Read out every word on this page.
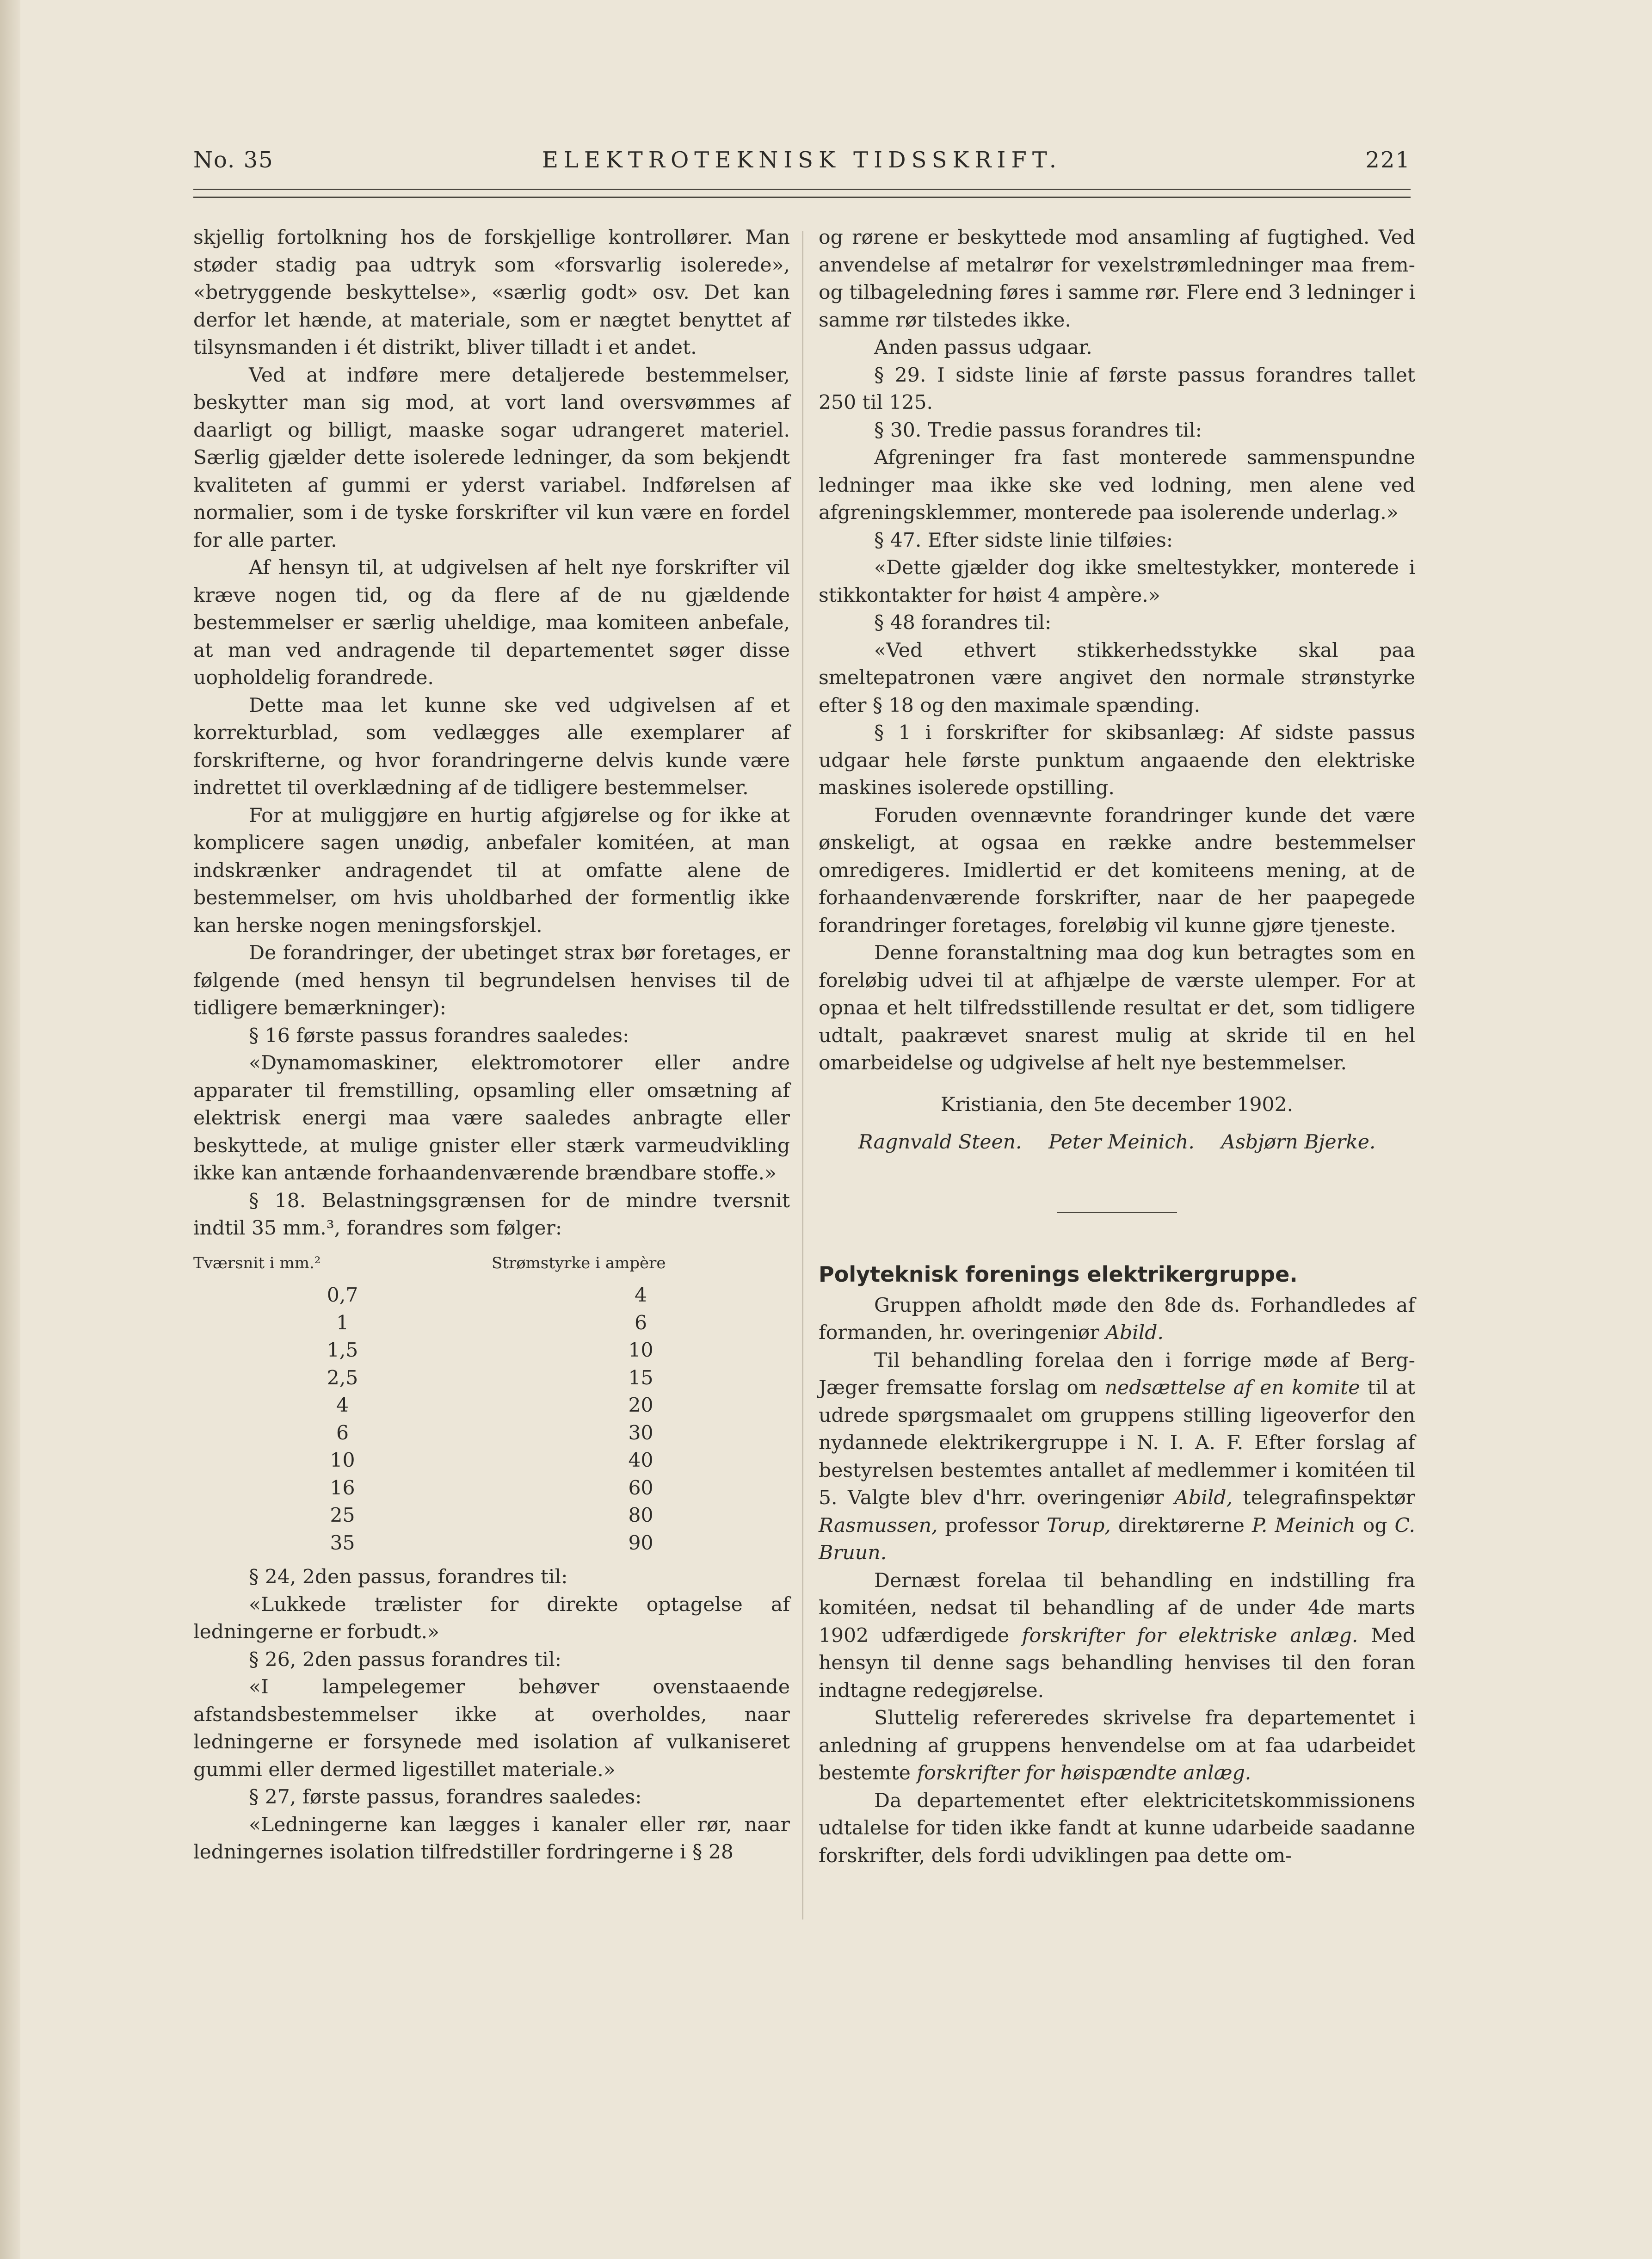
No. 35	ELEKTROTEKNISK TIDSSKRIFT.	221

skjellig fortolkning hos de forskjellige kontrollører. Man støder stadig paa udtryk som «forsvarlig isolerede», «betryggende beskyttelse», «særlig godt» osv. Det kan derfor let hænde, at materiale, som er nægtet benyttet af tilsynsmanden i ét distrikt, bliver tilladt i et andet.

Ved at indføre mere detaljerede bestemmelser, beskytter man sig mod, at vort land oversvømmes af daarligt og billigt, maaske sogar udrangeret materiel. Særlig gjælder dette isolerede ledninger, da som bekjendt kvaliteten af gummi er yderst variabel. Indførelsen af normalier, som i de tyske forskrifter vil kun være en fordel for alle parter.

Af hensyn til, at udgivelsen af helt nye forskrifter vil kræve nogen tid, og da flere af de nu gjældende bestemmelser er særlig uheldige, maa komiteen anbefale, at man ved andragende til departementet søger disse uopholdelig forandrede.

Dette maa let kunne ske ved udgivelsen af et korrekturblad, som vedlægges alle exemplarer af forskrifterne, og hvor forandringerne delvis kunde være indrettet til overklædning af de tidligere bestemmelser.

For at muliggjøre en hurtig afgjørelse og for ikke at komplicere sagen unødig, anbefaler komitéen, at man indskrænker andragendet til at omfatte alene de bestemmelser, om hvis uholdbarhed der formentlig ikke kan herske nogen meningsforskjel.

De forandringer, der ubetinget strax bør foretages, er følgende (med hensyn til begrundelsen henvises til de tidligere bemærkninger):

§ 16 første passus forandres saaledes:

«Dynamomaskiner, elektromotorer eller andre apparater til fremstilling, opsamling eller omsætning af elektrisk energi maa være saaledes anbragte eller beskyttede, at mulige gnister eller stærk varmeudvikling ikke kan antænde forhaandenværende brændbare stoffe.»

§ 18. Belastningsgrænsen for de mindre tversnit indtil 35 mm.³, forandres som følger:

Tværsnit i mm.²	Strømstyrke i ampère
0,7	4
1	6
1,5	10
2,5	15
4	20
6	30
10	40
16	60
25	80
35	90

§ 24, 2den passus, forandres til:

«Lukkede trælister for direkte optagelse af ledningerne er forbudt.»

§ 26, 2den passus forandres til:

«I lampelegemer behøver ovenstaaende afstandsbestemmelser ikke at overholdes, naar ledningerne er forsynede med isolation af vulkaniseret gummi eller dermed ligestillet materiale.»

§ 27, første passus, forandres saaledes:

«Ledningerne kan lægges i kanaler eller rør, naar ledningernes isolation tilfredstiller fordringerne i § 28

og rørene er beskyttede mod ansamling af fugtighed. Ved anvendelse af metalrør for vexelstrømledninger maa frem- og tilbageledning føres i samme rør. Flere end 3 ledninger i samme rør tilstedes ikke.

Anden passus udgaar.

§ 29. I sidste linie af første passus forandres tallet 250 til 125.

§ 30. Tredie passus forandres til:

Afgreninger fra fast monterede sammenspundne ledninger maa ikke ske ved lodning, men alene ved afgreningsklemmer, monterede paa isolerende underlag.»

§ 47. Efter sidste linie tilføies:

«Dette gjælder dog ikke smeltestykker, monterede i stikkontakter for høist 4 ampère.»

§ 48 forandres til:

«Ved ethvert stikkerhedsstykke skal paa smeltepatronen være angivet den normale strønstyrke efter § 18 og den maximale spænding.

§ 1 i forskrifter for skibsanlæg: Af sidste passus udgaar hele første punktum angaaende den elektriske maskines isolerede opstilling.

Foruden ovennævnte forandringer kunde det være ønskeligt, at ogsaa en række andre bestemmelser omredigeres. Imidlertid er det komiteens mening, at de forhaandenværende forskrifter, naar de her paapegede forandringer foretages, foreløbig vil kunne gjøre tjeneste.

Denne foranstaltning maa dog kun betragtes som en foreløbig udvei til at afhjælpe de værste ulemper. For at opnaa et helt tilfredsstillende resultat er det, som tidligere udtalt, paakrævet snarest mulig at skride til en hel omarbeidelse og udgivelse af helt nye bestemmelser.

Kristiania, den 5te december 1902.

Ragnvald Steen. Peter Meinich. Asbjørn Bjerke.
Polyteknisk forenings elektrikergruppe.

Gruppen afholdt møde den 8de ds. Forhandledes af formanden, hr. overingeniør Abild.

Til behandling forelaa den i forrige møde af Berg-Jæger fremsatte forslag om nedsættelse af en komite til at udrede spørgsmaalet om gruppens stilling ligeoverfor den nydannede elektrikergruppe i N. I. A. F. Efter forslag af bestyrelsen bestemtes antallet af medlemmer i komitéen til 5. Valgte blev d'hrr. overingeniør Abild, telegrafinspektør Rasmussen, professor Torup, direktørerne P. Meinich og C. Bruun.

Dernæst forelaa til behandling en indstilling fra komitéen, nedsat til behandling af de under 4de marts 1902 udfærdigede forskrifter for elektriske anlæg. Med hensyn til denne sags behandling henvises til den foran indtagne redegjørelse.

Sluttelig refereredes skrivelse fra departementet i anledning af gruppens henvendelse om at faa udarbeidet bestemte forskrifter for høispændte anlæg.

Da departementet efter elektricitetskommissionens udtalelse for tiden ikke fandt at kunne udarbeide saadanne forskrifter, dels fordi udviklingen paa dette om-
